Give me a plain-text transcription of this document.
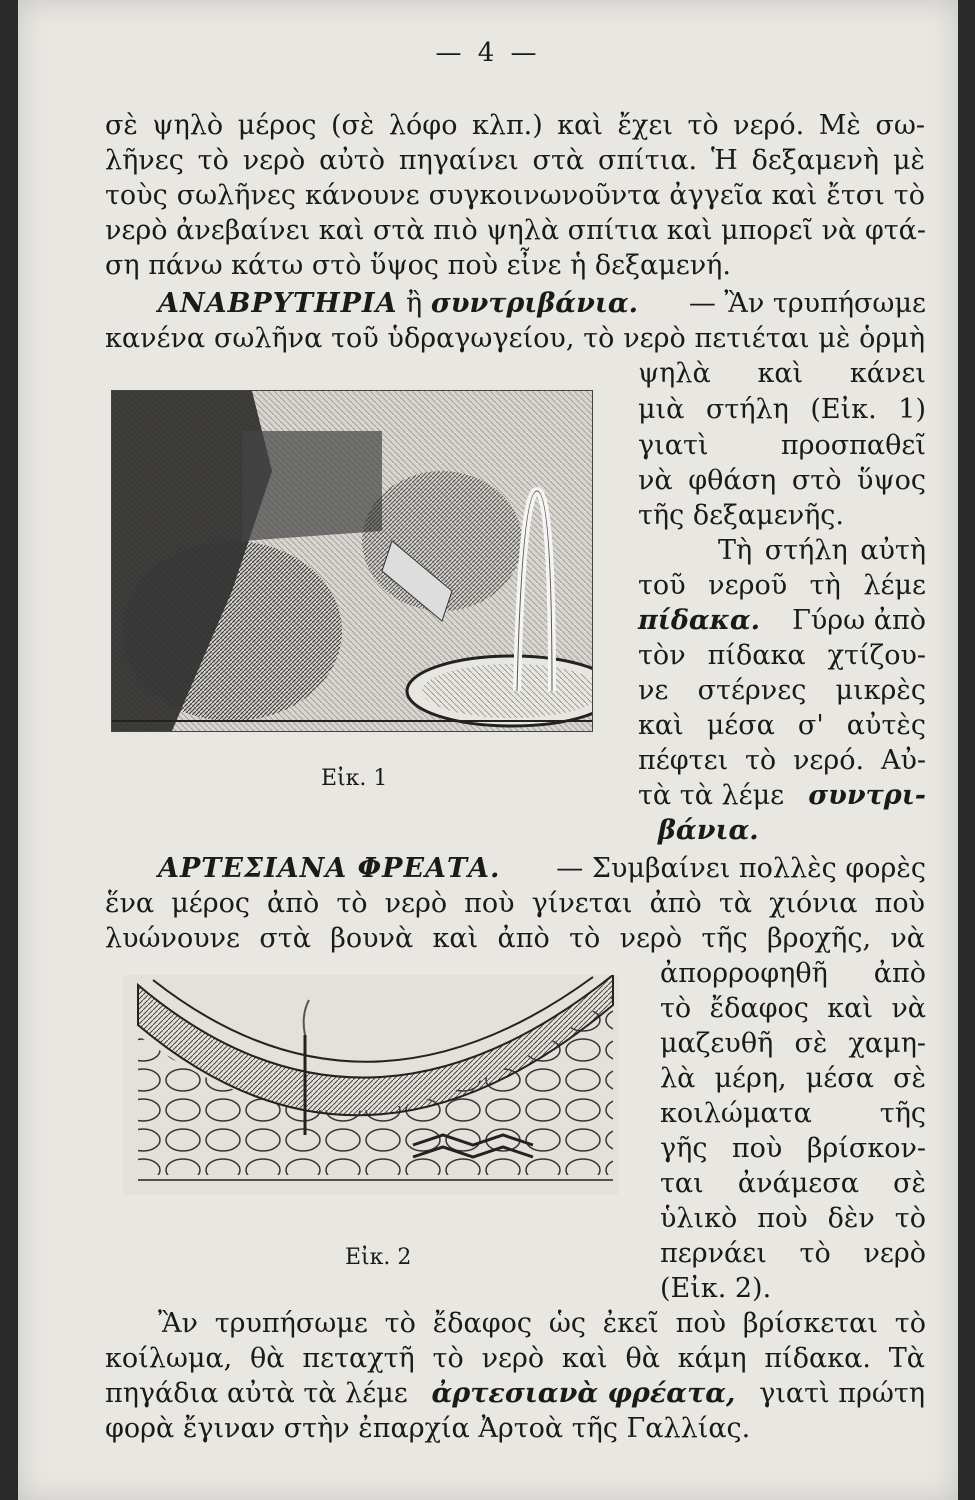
— 4 —
σὲ ψηλὸ μέρος (σὲ λόφο κλπ.) καὶ ἔχει τὸ νερό. Μὲ σω-
λῆνες τὸ νερὸ αὐτὸ πηγαίνει στὰ σπίτια. Ἡ δεξαμενὴ μὲ
τοὺς σωλῆνες κάνουνε συγκοινωνοῦντα ἀγγεῖα καὶ ἔτσι τὸ
νερὸ ἀνεβαίνει καὶ στὰ πιὸ ψηλὰ σπίτια καὶ μπορεῖ νὰ φτά-
ση πάνω κάτω στὸ ὕψος ποὺ εἶνε ἡ δεξαμενή.
ΑΝΑΒΡΥΤΗΡΙΑ ἢ συντριβάνια. — Ἂν τρυπήσωμε
κανένα σωλῆνα τοῦ ὑδραγωγείου, τὸ νερὸ πετιέται μὲ ὁρμὴ
Εἰκ. 1
ψηλὰ καὶ κάνει
μιὰ στήλη (Εἰκ. 1)
γιατὶ προσπαθεῖ
νὰ φθάση στὸ ὕψος
τῆς δεξαμενῆς.
Τὴ στήλη αὐτὴ
τοῦ νεροῦ τὴ λέμε
πίδακα. Γύρω ἀπὸ
τὸν πίδακα χτίζου-
νε στέρνες μικρὲς
καὶ μέσα σ' αὐτὲς
πέφτει τὸ νερό. Αὐ-
τὰ τὰ λέμε συντρι-
βάνια.
ΑΡΤΕΣΙΑΝΑ ΦΡΕΑΤΑ. — Συμβαίνει πολλὲς φορὲς
ἕνα μέρος ἀπὸ τὸ νερὸ ποὺ γίνεται ἀπὸ τὰ χιόνια ποὺ
λυώνουνε στὰ βουνὰ καὶ ἀπὸ τὸ νερὸ τῆς βροχῆς, νὰ
Εἰκ. 2
ἀπορροφηθῆ ἀπὸ
τὸ ἔδαφος καὶ νὰ
μαζευθῆ σὲ χαμη-
λὰ μέρη, μέσα σὲ
κοιλώματα τῆς
γῆς ποὺ βρίσκον-
ται ἀνάμεσα σὲ
ὑλικὸ ποὺ δὲν τὸ
περνάει τὸ νερὸ
(Εἰκ. 2).
Ἂν τρυπήσωμε τὸ ἔδαφος ὡς ἐκεῖ ποὺ βρίσκεται τὸ
κοίλωμα, θὰ πεταχτῆ τὸ νερὸ καὶ θὰ κάμη πίδακα. Τὰ
πηγάδια αὐτὰ τὰ λέμε ἀρτεσιανὰ φρέατα, γιατὶ πρώτη
φορὰ ἔγιναν στὴν ἐπαρχία Ἀρτοὰ τῆς Γαλλίας.
